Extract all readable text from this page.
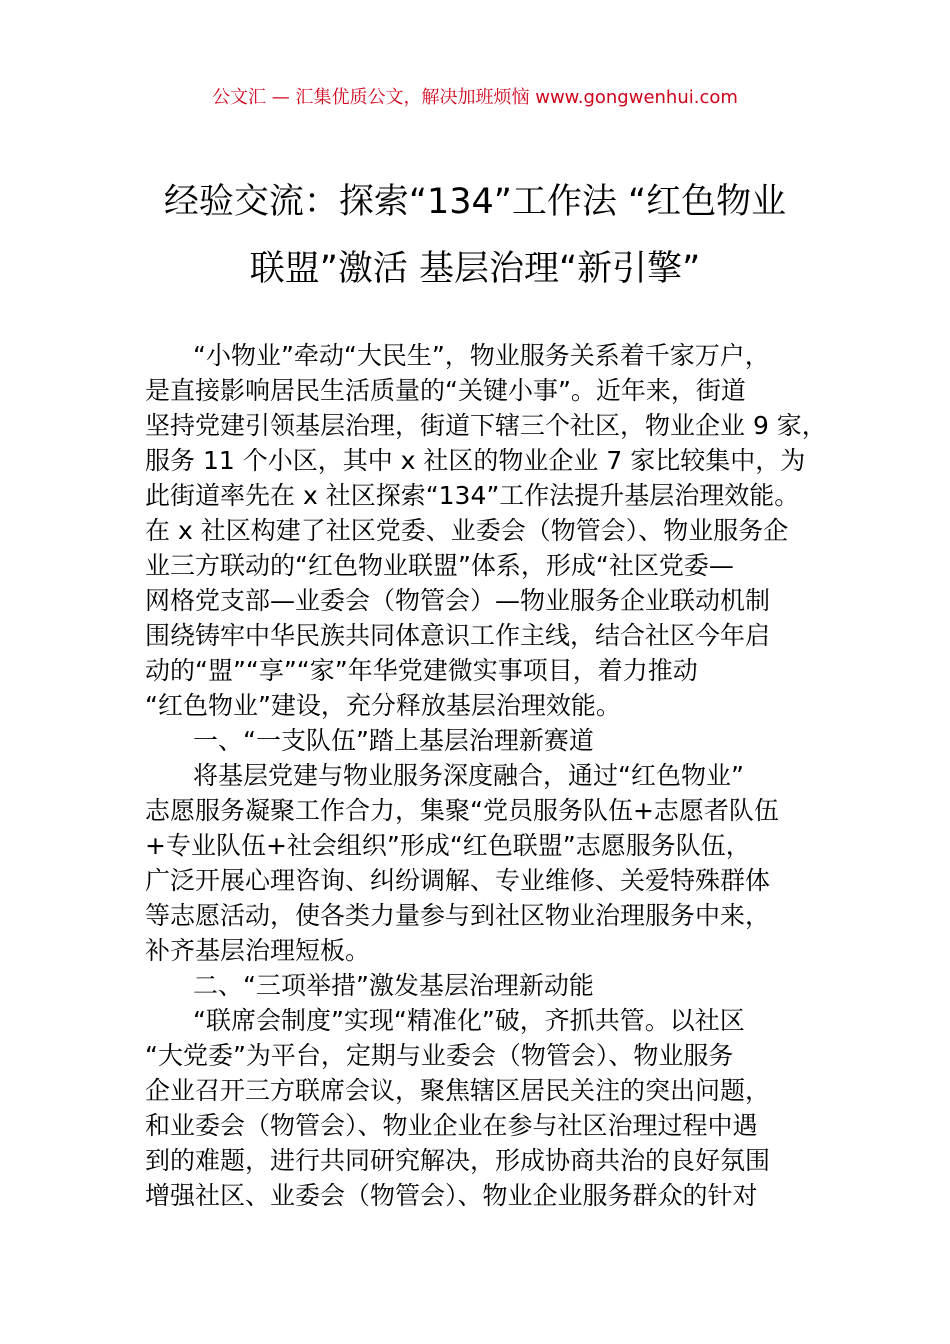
公文汇 — 汇集优质公文，解决加班烦恼 www.gongwenhui.com
经验交流：探索“134”工作法 “红色物业
联盟”激活 基层治理“新引擎”
“小物业”牵动“大民生”，物业服务关系着千家万户，
是直接影响居民生活质量的“关键小事”。近年来，街道
坚持党建引领基层治理，街道下辖三个社区，物业企业 9 家，
服务 11 个小区，其中 x 社区的物业企业 7 家比较集中，为
此街道率先在 x 社区探索“134”工作法提升基层治理效能。
在 x 社区构建了社区党委、业委会（物管会）、物业服务企
业三方联动的“红色物业联盟”体系，形成“社区党委—
网格党支部—业委会（物管会）—物业服务企业联动机制
围绕铸牢中华民族共同体意识工作主线，结合社区今年启
动的“盟”“享”“家”年华党建微实事项目，着力推动
“红色物业”建设，充分释放基层治理效能。
一、“一支队伍”踏上基层治理新赛道
将基层党建与物业服务深度融合，通过“红色物业”
志愿服务凝聚工作合力，集聚“党员服务队伍+志愿者队伍
+专业队伍+社会组织”形成“红色联盟”志愿服务队伍，
广泛开展心理咨询、纠纷调解、专业维修、关爱特殊群体
等志愿活动，使各类力量参与到社区物业治理服务中来，
补齐基层治理短板。
二、“三项举措”激发基层治理新动能
“联席会制度”实现“精准化”破，齐抓共管。以社区
“大党委”为平台，定期与业委会（物管会）、物业服务
企业召开三方联席会议，聚焦辖区居民关注的突出问题，
和业委会（物管会）、物业企业在参与社区治理过程中遇
到的难题，进行共同研究解决，形成协商共治的良好氛围
增强社区、业委会（物管会）、物业企业服务群众的针对
